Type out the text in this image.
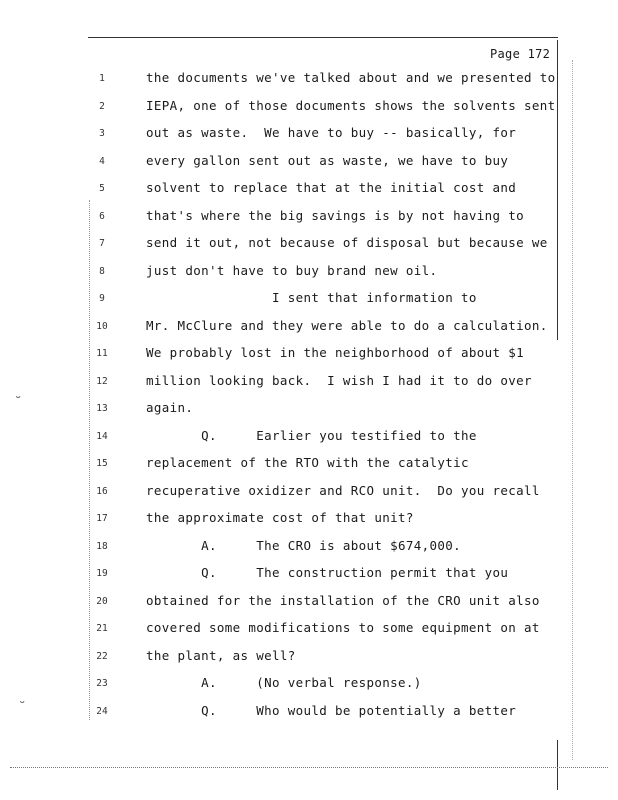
˘
˘
Page 172
1	the documents we've talked about and we presented to
2	IEPA, one of those documents shows the solvents sent
3	out as waste.  We have to buy -- basically, for
4	every gallon sent out as waste, we have to buy
5	solvent to replace that at the initial cost and
6	that's where the big savings is by not having to
7	send it out, not because of disposal but because we
8	just don't have to buy brand new oil.
9	I sent that information to
10	Mr. McClure and they were able to do a calculation.
11	We probably lost in the neighborhood of about $1
12	million looking back.  I wish I had it to do over
13	again.
14	Q.     Earlier you testified to the
15	replacement of the RTO with the catalytic
16	recuperative oxidizer and RCO unit.  Do you recall
17	the approximate cost of that unit?
18	A.     The CRO is about $674,000.
19	Q.     The construction permit that you
20	obtained for the installation of the CRO unit also
21	covered some modifications to some equipment on at
22	the plant, as well?
23	A.     (No verbal response.)
24	Q.     Who would be potentially a better
